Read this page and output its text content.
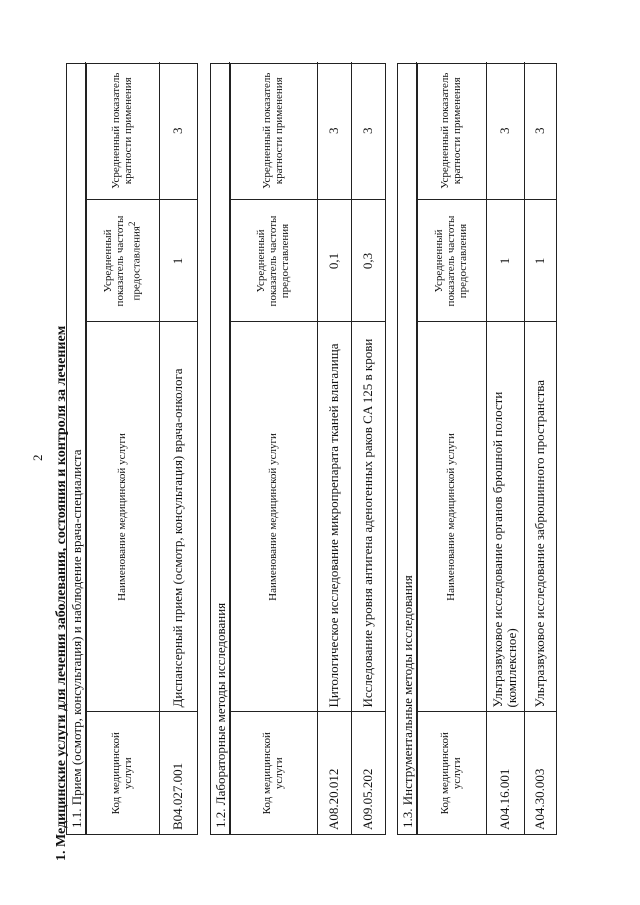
2 1. Медицинские услуги для лечения заболевания, состояния и контроля за лечением 1.1. Прием (осмотр, консультация) и наблюдение врача-специалиста Код медицинской услуги	Наименование медицинской услуги	Усредненный показатель частоты предоставления$^2$	Усредненный показатель кратности применения
B04.027.001	Диспансерный прием (осмотр, консультация) врача-онколога	1	3
1.2. Лабораторные методы исследования	Код медицинской услуги	Наименование медицинской услуги	Усредненный показатель частоты предоставления	Усредненный показатель кратности применения
A08.20.012	Цитологическое исследование микропрепарата тканей влагалища	0,1	3
A09.05.202	Исследование уровня антигена аденогенных раков CA 125 в крови	0,3	3
1.3. Инструментальные методы исследования Код медицинской услуги	Наименование медицинской услуги	Усредненный показатель частоты предоставления	Усредненный показатель кратности применения
A04.16.001	Ультразвуковое исследование органов брюшной полости (комплексное)	1	3
A04.30.003	Ультразвуковое исследование забрюшинного пространства	1	3
